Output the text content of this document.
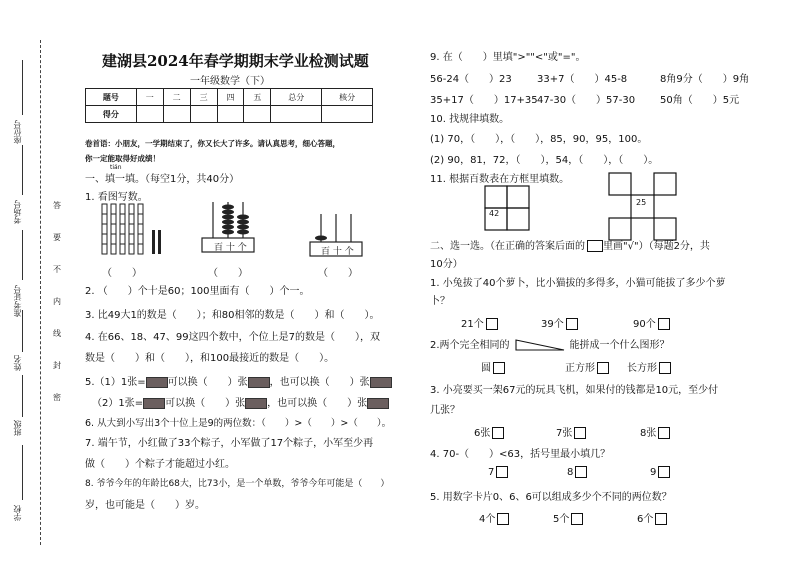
座位号
考场号
准考证号
姓名
班级
学校
答
要
不
内
线
封
密
建湖县2024年春学期期末学业检测试题
一年级数学（下）
题号	一	二	三	四	五	总分	核分
得分							
卷首语：小朋友，一学期结束了，你又长大了许多。请认真思考，细心答题，
你一定能取得好成绩！
tián
一、填一填。（每空1分，共40分）
1. 看图写数。
百 十 个	百 十 个
（　　）	（　　）	（　　）
2. （　　）个十是60；100里面有（　　）个一。
3. 比49大1的数是（　　）；和80相邻的数是（　　）和（　　）。
4. 在66、18、47、99这四个数中，个位上是7的数是（　　），双
数是（　　）和（　　），和100最接近的数是（　　）。
5.（1）1张= 可以换（　　）张 ，也可以换（　　）张
（2）1张= 可以换（　　）张 ，也可以换（　　）张
6. 从大到小写出3个十位上是9的两位数：（　　）>（　　）>（　　）。
7. 端午节，小红做了33个粽子，小军做了17个粽子，小军至少再
做（　　）个粽子才能超过小红。
8. 爷爷今年的年龄比68大，比73小，是一个单数，爷爷今年可能是（　　）
岁，也可能是（　　）岁。
9. 在（　　）里填">""<"或"="。
56-24（　　）23	33+7（　　）45-8	8角9分（　　）9角
35+17（　　）17+35 47-30（　　）57-30 50角（　　）5元
10. 找规律填数。
(1) 70，（　　），（　　），85，90，95，100。
(2) 90，81，72，（　　），54，（　　），（　　）。
11. 根据百数表在方框里填数。
42
25
二、选一选。（在正确的答案后面的 里画"√"）（每题2分，共
10分）
1. 小兔拔了40个萝卜，比小猫拔的多得多，小猫可能拔了多少个萝
卜？
21个	39个	90个
2.两个完全相同的	能拼成一个什么图形？
圆	正方形	长方形
3. 小亮要买一架67元的玩具飞机，如果付的钱都是10元，至少付
几张？
6张	7张	8张
4. 70-（　　）<63，括号里最小填几？
7	8	9
5. 用数字卡片0、6、6可以组成多少个不同的两位数？
4个	5个	6个
